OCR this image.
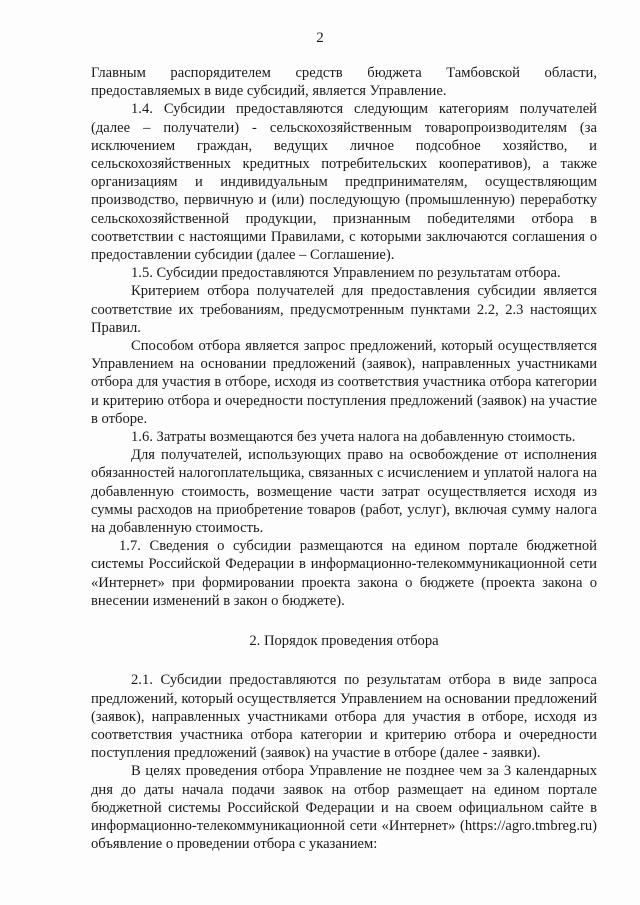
2

Главным распорядителем средств бюджета Тамбовской области, предоставляемых в виде субсидий, является Управление.

1.4. Субсидии предоставляются следующим категориям получателей (далее – получатели) - сельскохозяйственным товаропроизводителям (за исключением граждан, ведущих личное подсобное хозяйство, и сельскохозяйственных кредитных потребительских кооперативов), а также организациям и индивидуальным предпринимателям, осуществляющим производство, первичную и (или) последующую (промышленную) переработку сельскохозяйственной продукции, признанным победителями отбора в соответствии с настоящими Правилами, с которыми заключаются соглашения о предоставлении субсидии (далее – Соглашение).

1.5. Субсидии предоставляются Управлением по результатам отбора.

Критерием отбора получателей для предоставления субсидии является соответствие их требованиям, предусмотренным пунктами 2.2, 2.3 настоящих Правил.

Способом отбора является запрос предложений, который осуществляется Управлением на основании предложений (заявок), направленных участниками отбора для участия в отборе, исходя из соответствия участника отбора категории и критерию отбора и очередности поступления предложений (заявок) на участие в отборе.

1.6. Затраты возмещаются без учета налога на добавленную стоимость.

Для получателей, использующих право на освобождение от исполнения обязанностей налогоплательщика, связанных с исчислением и уплатой налога на добавленную стоимость, возмещение части затрат осуществляется исходя из суммы расходов на приобретение товаров (работ, услуг), включая сумму налога на добавленную стоимость.

1.7. Сведения о субсидии размещаются на едином портале бюджетной системы Российской Федерации в информационно-телекоммуникационной сети «Интернет» при формировании проекта закона о бюджете (проекта закона о внесении изменений в закон о бюджете).

2. Порядок проведения отбора

2.1. Субсидии предоставляются по результатам отбора в виде запроса предложений, который осуществляется Управлением на основании предложений (заявок), направленных участниками отбора для участия в отборе, исходя из соответствия участника отбора категории и критерию отбора и очередности поступления предложений (заявок) на участие в отборе (далее - заявки).

В целях проведения отбора Управление не позднее чем за 3 календарных дня до даты начала подачи заявок на отбор размещает на едином портале бюджетной системы Российской Федерации и на своем официальном сайте в информационно-телекоммуникационной сети «Интернет» (https://agro.tmbreg.ru) объявление о проведении отбора с указанием:
